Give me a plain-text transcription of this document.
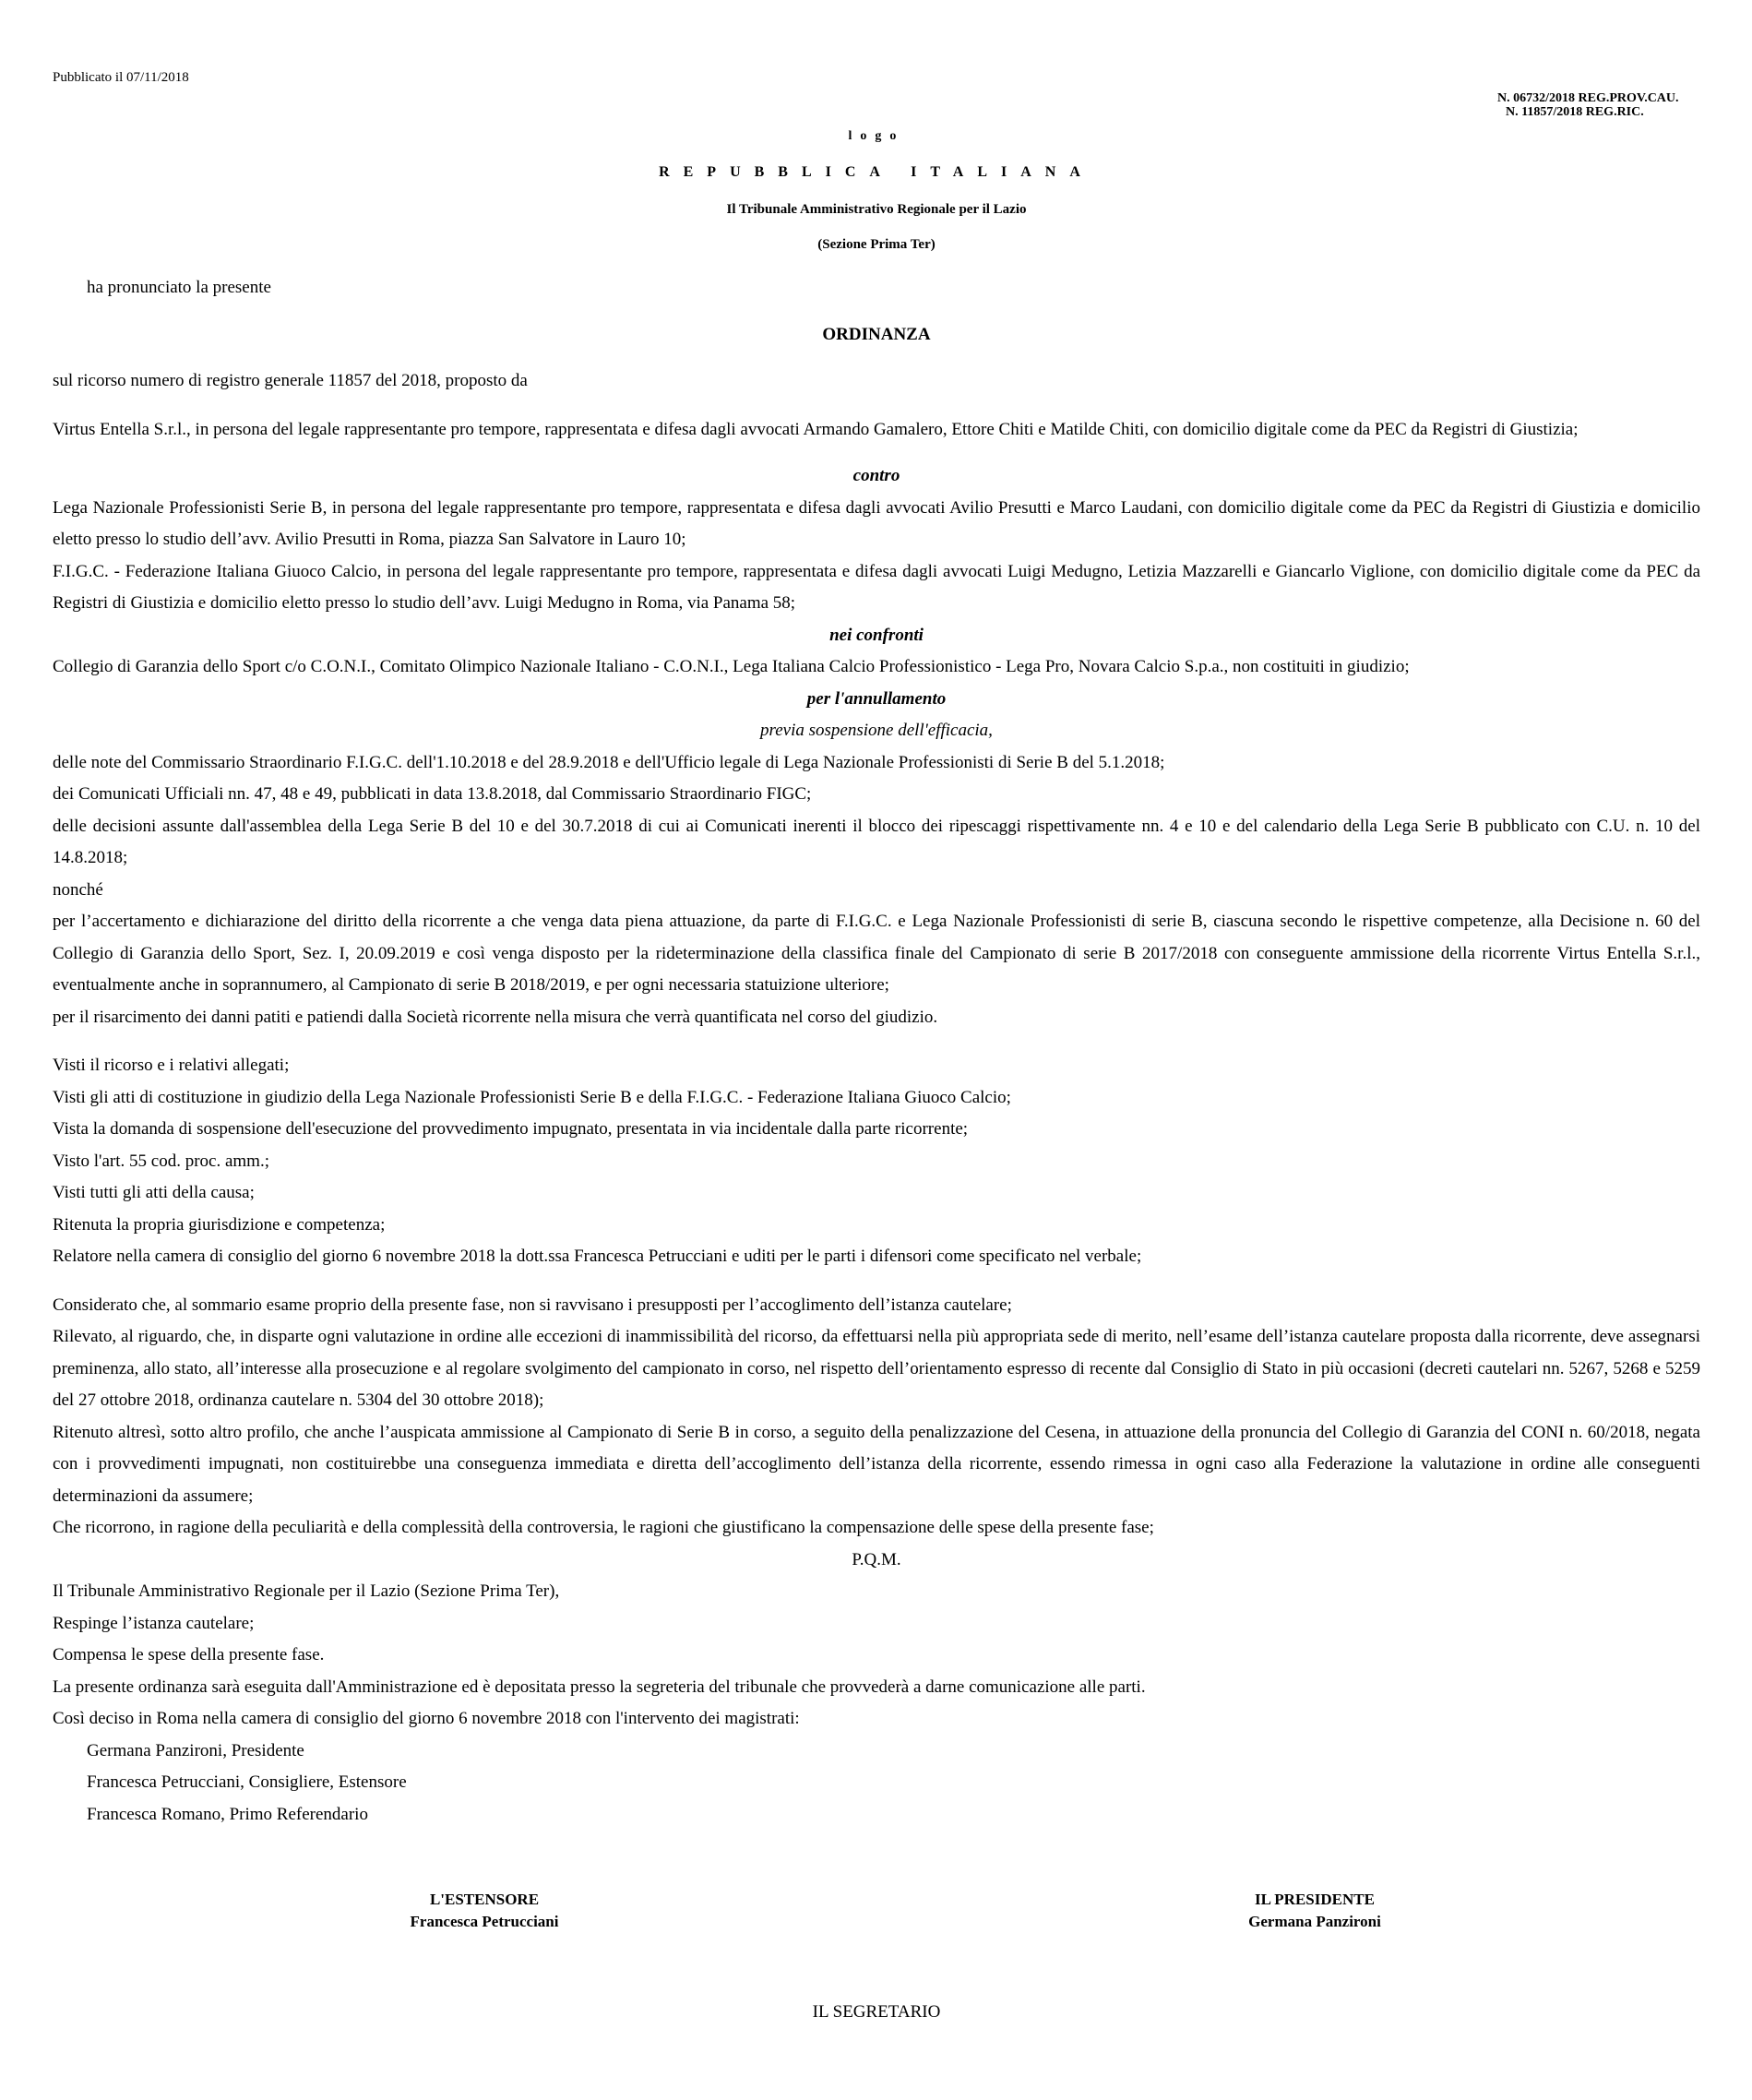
Pubblicato il 07/11/2018
N. 06732/2018 REG.PROV.CAU.
N. 11857/2018 REG.RIC.
logo
REPUBBLICA ITALIANA
Il Tribunale Amministrativo Regionale per il Lazio
(Sezione Prima Ter)

ha pronunciato la presente

ORDINANZA

sul ricorso numero di registro generale 11857 del 2018, proposto da

Virtus Entella S.r.l., in persona del legale rappresentante pro tempore, rappresentata e difesa dagli avvocati Armando Gamalero, Ettore Chiti e Matilde Chiti, con domicilio digitale come da PEC da Registri di Giustizia;

contro

Lega Nazionale Professionisti Serie B, in persona del legale rappresentante pro tempore, rappresentata e difesa dagli avvocati Avilio Presutti e Marco Laudani, con domicilio digitale come da PEC da Registri di Giustizia e domicilio eletto presso lo studio dell’avv. Avilio Presutti in Roma, piazza San Salvatore in Lauro 10;

F.I.G.C. - Federazione Italiana Giuoco Calcio, in persona del legale rappresentante pro tempore, rappresentata e difesa dagli avvocati Luigi Medugno, Letizia Mazzarelli e Giancarlo Viglione, con domicilio digitale come da PEC da Registri di Giustizia e domicilio eletto presso lo studio dell’avv. Luigi Medugno in Roma, via Panama 58;

nei confronti

Collegio di Garanzia dello Sport c/o C.O.N.I., Comitato Olimpico Nazionale Italiano - C.O.N.I., Lega Italiana Calcio Professionistico - Lega Pro, Novara Calcio S.p.a., non costituiti in giudizio;

per l'annullamento

previa sospensione dell'efficacia,

delle note del Commissario Straordinario F.I.G.C. dell'1.10.2018 e del 28.9.2018 e dell'Ufficio legale di Lega Nazionale Professionisti di Serie B del 5.1.2018;

dei Comunicati Ufficiali nn. 47, 48 e 49, pubblicati in data 13.8.2018, dal Commissario Straordinario FIGC;

delle decisioni assunte dall'assemblea della Lega Serie B del 10 e del 30.7.2018 di cui ai Comunicati inerenti il blocco dei ripescaggi rispettivamente nn. 4 e 10 e del calendario della Lega Serie B pubblicato con C.U. n. 10 del 14.8.2018;

nonché

per l’accertamento e dichiarazione del diritto della ricorrente a che venga data piena attuazione, da parte di F.I.G.C. e Lega Nazionale Professionisti di serie B, ciascuna secondo le rispettive competenze, alla Decisione n. 60 del Collegio di Garanzia dello Sport, Sez. I, 20.09.2019 e così venga disposto per la rideterminazione della classifica finale del Campionato di serie B 2017/2018 con conseguente ammissione della ricorrente Virtus Entella S.r.l., eventualmente anche in soprannumero, al Campionato di serie B 2018/2019, e per ogni necessaria statuizione ulteriore;

per il risarcimento dei danni patiti e patiendi dalla Società ricorrente nella misura che verrà quantificata nel corso del giudizio.

Visti il ricorso e i relativi allegati;

Visti gli atti di costituzione in giudizio della Lega Nazionale Professionisti Serie B e della F.I.G.C. - Federazione Italiana Giuoco Calcio;

Vista la domanda di sospensione dell'esecuzione del provvedimento impugnato, presentata in via incidentale dalla parte ricorrente;

Visto l'art. 55 cod. proc. amm.;

Visti tutti gli atti della causa;

Ritenuta la propria giurisdizione e competenza;

Relatore nella camera di consiglio del giorno 6 novembre 2018 la dott.ssa Francesca Petrucciani e uditi per le parti i difensori come specificato nel verbale;

Considerato che, al sommario esame proprio della presente fase, non si ravvisano i presupposti per l’accoglimento dell’istanza cautelare;

Rilevato, al riguardo, che, in disparte ogni valutazione in ordine alle eccezioni di inammissibilità del ricorso, da effettuarsi nella più appropriata sede di merito, nell’esame dell’istanza cautelare proposta dalla ricorrente, deve assegnarsi preminenza, allo stato, all’interesse alla prosecuzione e al regolare svolgimento del campionato in corso, nel rispetto dell’orientamento espresso di recente dal Consiglio di Stato in più occasioni (decreti cautelari nn. 5267, 5268 e 5259 del 27 ottobre 2018, ordinanza cautelare n. 5304 del 30 ottobre 2018);

Ritenuto altresì, sotto altro profilo, che anche l’auspicata ammissione al Campionato di Serie B in corso, a seguito della penalizzazione del Cesena, in attuazione della pronuncia del Collegio di Garanzia del CONI n. 60/2018, negata con i provvedimenti impugnati, non costituirebbe una conseguenza immediata e diretta dell’accoglimento dell’istanza della ricorrente, essendo rimessa in ogni caso alla Federazione la valutazione in ordine alle conseguenti determinazioni da assumere;

Che ricorrono, in ragione della peculiarità e della complessità della controversia, le ragioni che giustificano la compensazione delle spese della presente fase;

P.Q.M.

Il Tribunale Amministrativo Regionale per il Lazio (Sezione Prima Ter),

Respinge l’istanza cautelare;

Compensa le spese della presente fase.

La presente ordinanza sarà eseguita dall'Amministrazione ed è depositata presso la segreteria del tribunale che provvederà a darne comunicazione alle parti.

Così deciso in Roma nella camera di consiglio del giorno 6 novembre 2018 con l'intervento dei magistrati:

Germana Panzironi, Presidente

Francesca Petrucciani, Consigliere, Estensore

Francesca Romano, Primo Referendario

L'ESTENSORE
Francesca Petrucciani
IL PRESIDENTE
Germana Panzironi
IL SEGRETARIO
